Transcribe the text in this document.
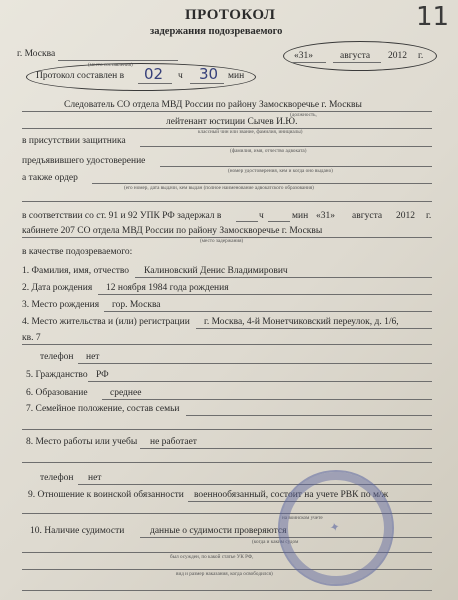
11
ПРОТОКОЛ
задержания подозреваемого
г. Москва
(место составления)
«31»	августа 2012 г.
Протокол составлен в 02 ч 30 мин
Следователь СО отдела МВД России по району Замоскворечье г. Москвы
(должность,
лейтенант юстиции Сычев И.Ю.
классный чин или звание, фамилия, инициалы)
в присутствии защитника
(фамилия, имя, отчество адвоката)
предъявившего удостоверение
(номер удостоверения, кем и когда оно выдано)
а также ордер
(его номер, дата выдачи, кем выдан (полное наименование адвокатского образования)
в соответствии со ст. 91 и 92 УПК РФ задержал в	ч	мин «31» августа 2012 г.
кабинете 207 СО отдела МВД России по району Замоскворечье г. Москвы
(место задержания)
в качестве подозреваемого:
1. Фамилия, имя, отчество Калиновский Денис Владимирович
2. Дата рождения 12 ноября 1984 года рождения
3. Место рождения гор. Москва
4. Место жительства и (или) регистрации г. Москва, 4-й Монетчиковский переулок, д. 1/6,
кв. 7
телефон нет
5. Гражданство РФ
6. Образование среднее
7. Семейное положение, состав семьи
8. Место работы или учебы не работает
телефон нет
9. Отношение к воинской обязанности военнообязанный, состоит на учете РВК по м/ж
на воинском учете
10. Наличие судимости	данные о судимости проверяются
(когда и каким судом
был осужден, по какой статье УК РФ,
вид и размер наказания, когда освободился)
✦
